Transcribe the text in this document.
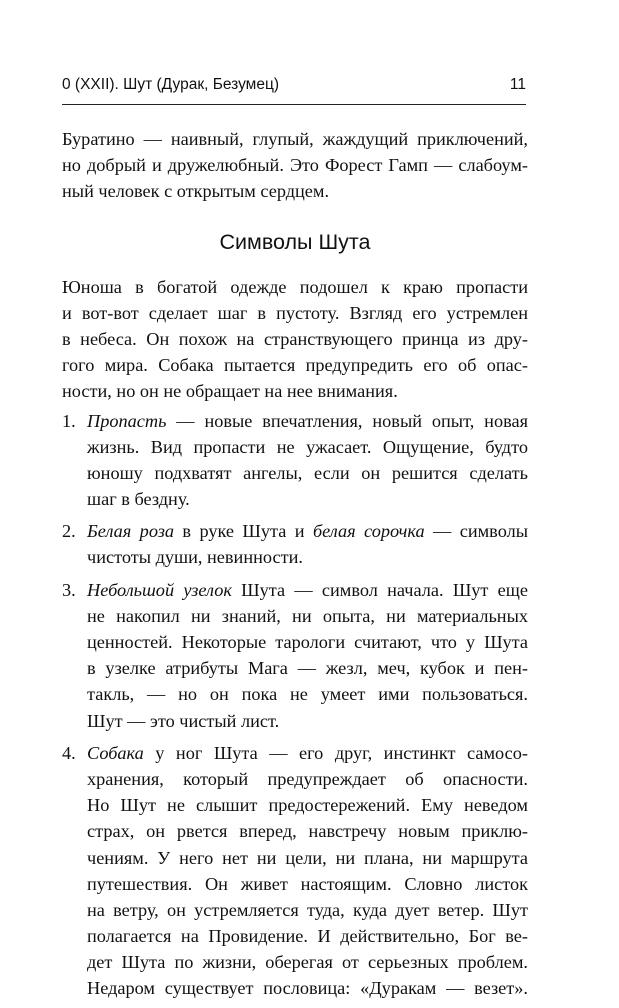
0 (XXII). Шут (Дурак, Безумец)	11
Буратино — наивный, глупый, жаждущий приключений,
но добрый и дружелюбный. Это Форест Гамп — слабоум-
ный человек с открытым сердцем.
Символы Шута
Юноша в богатой одежде подошел к краю пропасти
и вот-вот сделает шаг в пустоту. Взгляд его устремлен
в небеса. Он похож на странствующего принца из дру-
гого мира. Собака пытается предупредить его об опас-
ности, но он не обращает на нее внимания.
1. Пропасть — новые впечатления, новый опыт, новая
жизнь. Вид пропасти не ужасает. Ощущение, будто
юношу подхватят ангелы, если он решится сделать
шаг в бездну.
2. Белая роза в руке Шута и белая сорочка — символы
чистоты души, невинности.
3. Небольшой узелок Шута — символ начала. Шут еще
не накопил ни знаний, ни опыта, ни материальных
ценностей. Некоторые тарологи считают, что у Шута
в узелке атрибуты Мага — жезл, меч, кубок и пен-
такль, — но он пока не умеет ими пользоваться.
Шут — это чистый лист.
4. Собака у ног Шута — его друг, инстинкт самосо-
хранения, который предупреждает об опасности.
Но Шут не слышит предостережений. Ему неведом
страх, он рвется вперед, навстречу новым приклю-
чениям. У него нет ни цели, ни плана, ни маршрута
путешествия. Он живет настоящим. Словно листок
на ветру, он устремляется туда, куда дует ветер. Шут
полагается на Провидение. И действительно, Бог ве-
дет Шута по жизни, оберегая от серьезных проблем.
Недаром существует пословица: «Дуракам — везет».
